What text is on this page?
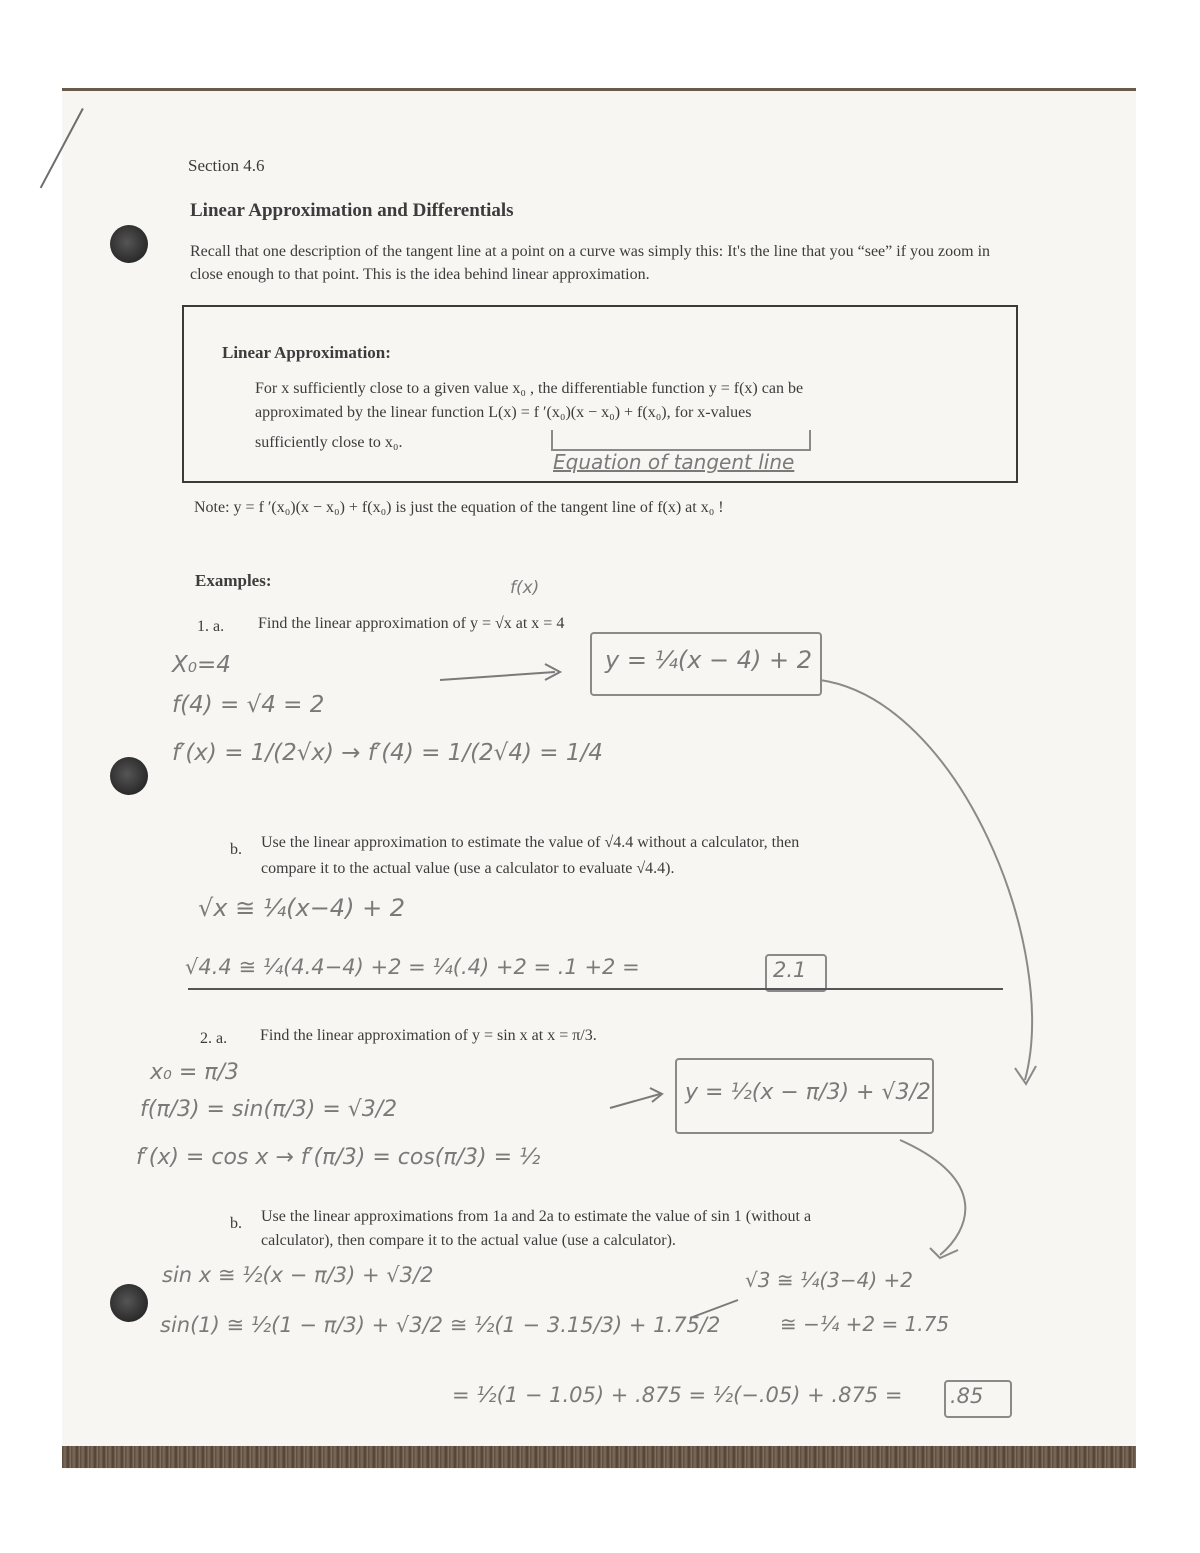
Section 4.6
Linear Approximation and Differentials
Recall that one description of the tangent line at a point on a curve was simply this: It's the line that you “see” if you zoom in close enough to that point. This is the idea behind linear approximation.
Linear Approximation:
For x sufficiently close to a given value x₀ , the differentiable function y = f(x) can be
approximated by the linear function L(x) = f ′(x₀)(x − x₀) + f(x₀), for x-values
sufficiently close to x₀.
Equation of tangent line
Note: y = f ′(x₀)(x − x₀) + f(x₀) is just the equation of the tangent line of f(x) at x₀ !
Examples:	f(x)
1. a. Find the linear approximation of y = √x at x = 4
X₀=4
f(4) = √4 = 2
f′(x) = 1/(2√x) → f′(4) = 1/(2√4) = 1/4
y = ¼(x − 4) + 2
b. Use the linear approximation to estimate the value of √4.4 without a calculator, then
compare it to the actual value (use a calculator to evaluate √4.4).
√x ≅ ¼(x−4) + 2
√4.4 ≅ ¼(4.4−4) +2 = ¼(.4) +2 = .1 +2 =	2.1
2. a. Find the linear approximation of y = sin x at x = π/3.
x₀ = π/3
f(π/3) = sin(π/3) = √3/2
f′(x) = cos x → f′(π/3) = cos(π/3) = ½
y = ½(x − π/3) + √3/2
b. Use the linear approximations from 1a and 2a to estimate the value of sin 1 (without a
calculator), then compare it to the actual value (use a calculator).
sin x ≅ ½(x − π/3) + √3/2
sin(1) ≅ ½(1 − π/3) + √3/2 ≅ ½(1 − 3.15/3) + 1.75/2
= ½(1 − 1.05) + .875 = ½(−.05) + .875 = .85
√3 ≅ ¼(3−4) +2
≅ −¼ +2 = 1.75
